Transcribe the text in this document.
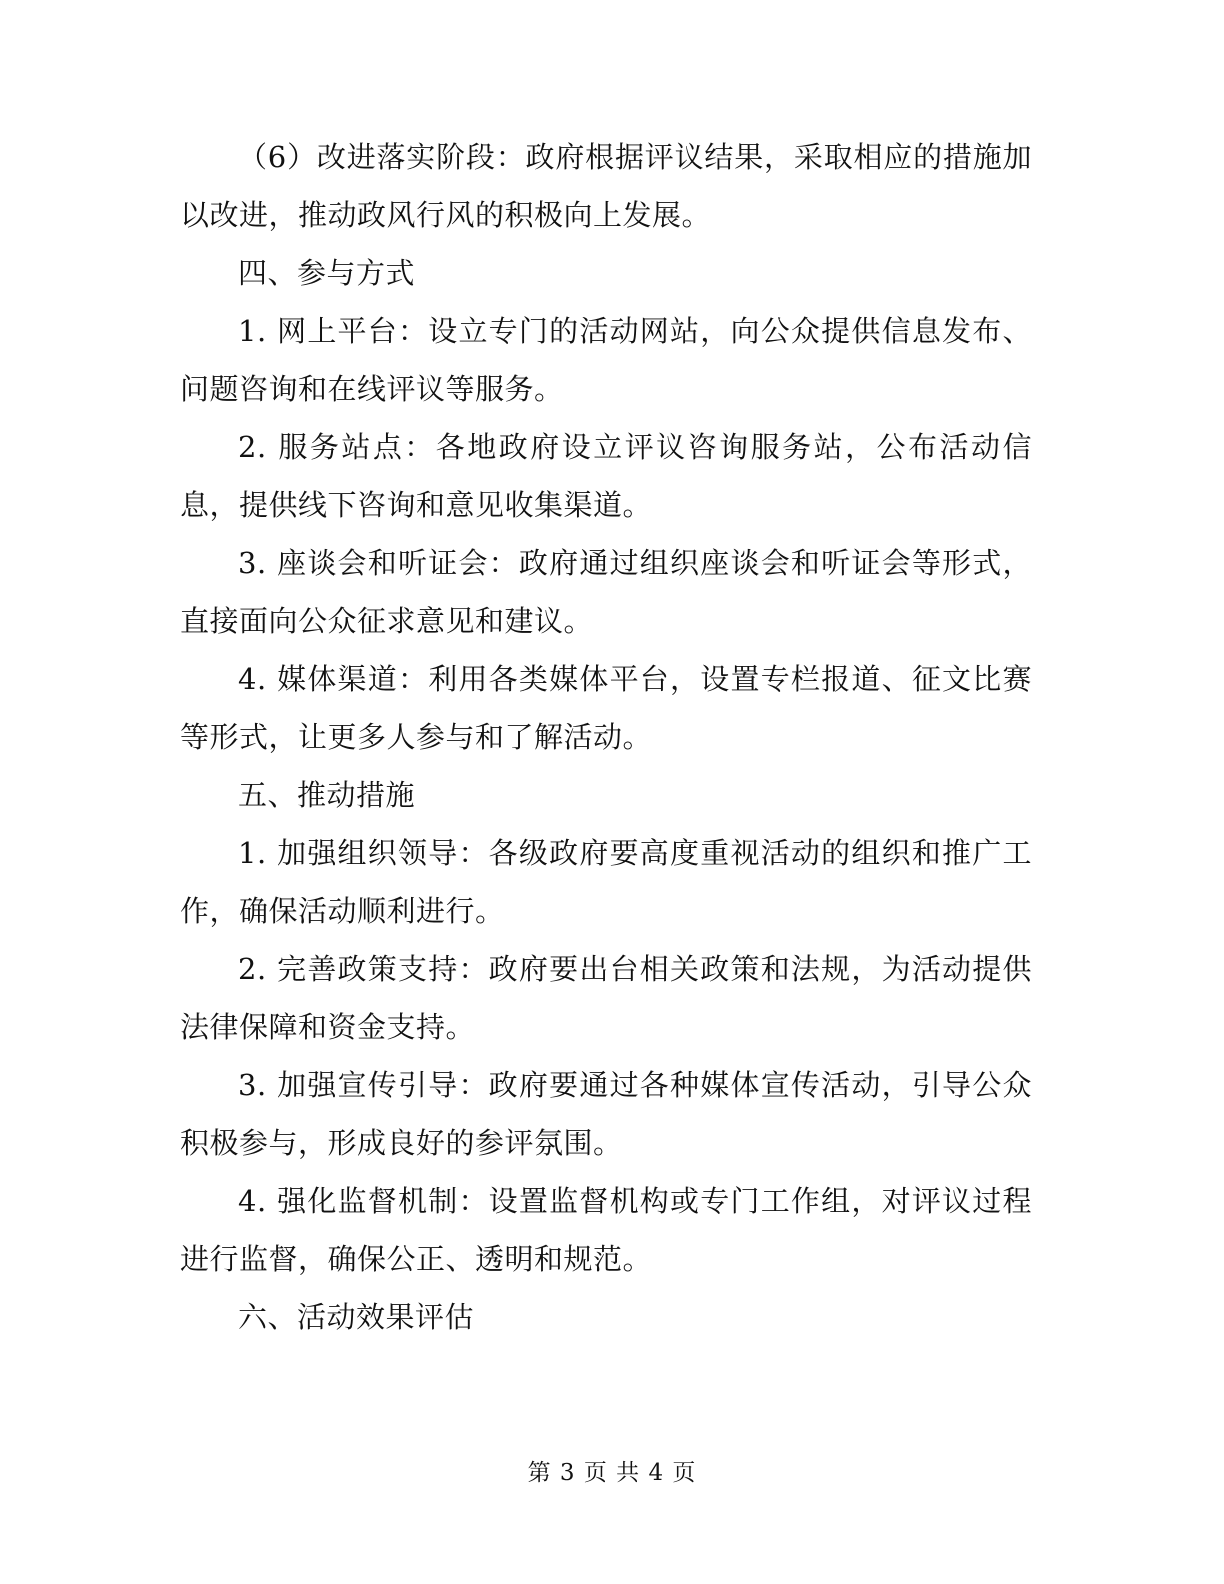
（6）改进落实阶段：政府根据评议结果，采取相应的措施加以改进，推动政风行风的积极向上发展。

四、参与方式

1. 网上平台：设立专门的活动网站，向公众提供信息发布、问题咨询和在线评议等服务。

2. 服务站点：各地政府设立评议咨询服务站，公布活动信息，提供线下咨询和意见收集渠道。

3. 座谈会和听证会：政府通过组织座谈会和听证会等形式，直接面向公众征求意见和建议。

4. 媒体渠道：利用各类媒体平台，设置专栏报道、征文比赛等形式，让更多人参与和了解活动。

五、推动措施

1. 加强组织领导：各级政府要高度重视活动的组织和推广工作，确保活动顺利进行。

2. 完善政策支持：政府要出台相关政策和法规，为活动提供法律保障和资金支持。

3. 加强宣传引导：政府要通过各种媒体宣传活动，引导公众积极参与，形成良好的参评氛围。

4. 强化监督机制：设置监督机构或专门工作组，对评议过程进行监督，确保公正、透明和规范。

六、活动效果评估

第 3 页 共 4 页
